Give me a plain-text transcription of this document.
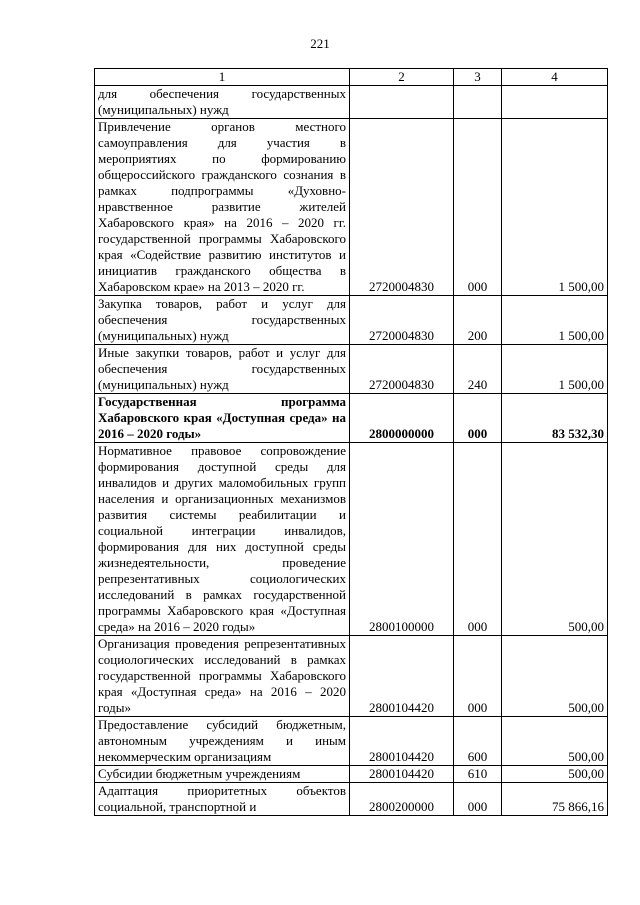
221
1	2	3	4
для обеспечения государственных (муниципальных) нужд			
Привлечение органов местного самоуправления для участия в мероприятиях по формированию общероссийского гражданского сознания в рамках подпрограммы «Духовно-нравственное развитие жителей Хабаровского края» на 2016 – 2020 гг. государственной программы Хабаровского края «Содействие развитию институтов и инициатив гражданского общества в Хабаровском крае» на 2013 – 2020 гг.	2720004830	000	1 500,00
Закупка товаров, работ и услуг для обеспечения государственных (муниципальных) нужд	2720004830	200	1 500,00
Иные закупки товаров, работ и услуг для обеспечения государственных (муниципальных) нужд	2720004830	240	1 500,00
Государственная программа Хабаровского края «Доступная среда» на 2016 – 2020 годы»	2800000000	000	83 532,30
Нормативное правовое сопровождение формирования доступной среды для инвалидов и других маломобильных групп населения и организационных механизмов развития системы реабилитации и социальной интеграции инвалидов, формирования для них доступной среды жизнедеятельности, проведение репрезентативных социологических исследований в рамках государственной программы Хабаровского края «Доступная среда» на 2016 – 2020 годы»	2800100000	000	500,00
Организация проведения репрезентативных социологических исследований в рамках государственной программы Хабаровского края «Доступная среда» на 2016 – 2020 годы»	2800104420	000	500,00
Предоставление субсидий бюджетным, автономным учреждениям и иным некоммерческим организациям	2800104420	600	500,00
Субсидии бюджетным учреждениям	2800104420	610	500,00
Адаптация приоритетных объектов социальной, транспортной и	2800200000	000	75 866,16
